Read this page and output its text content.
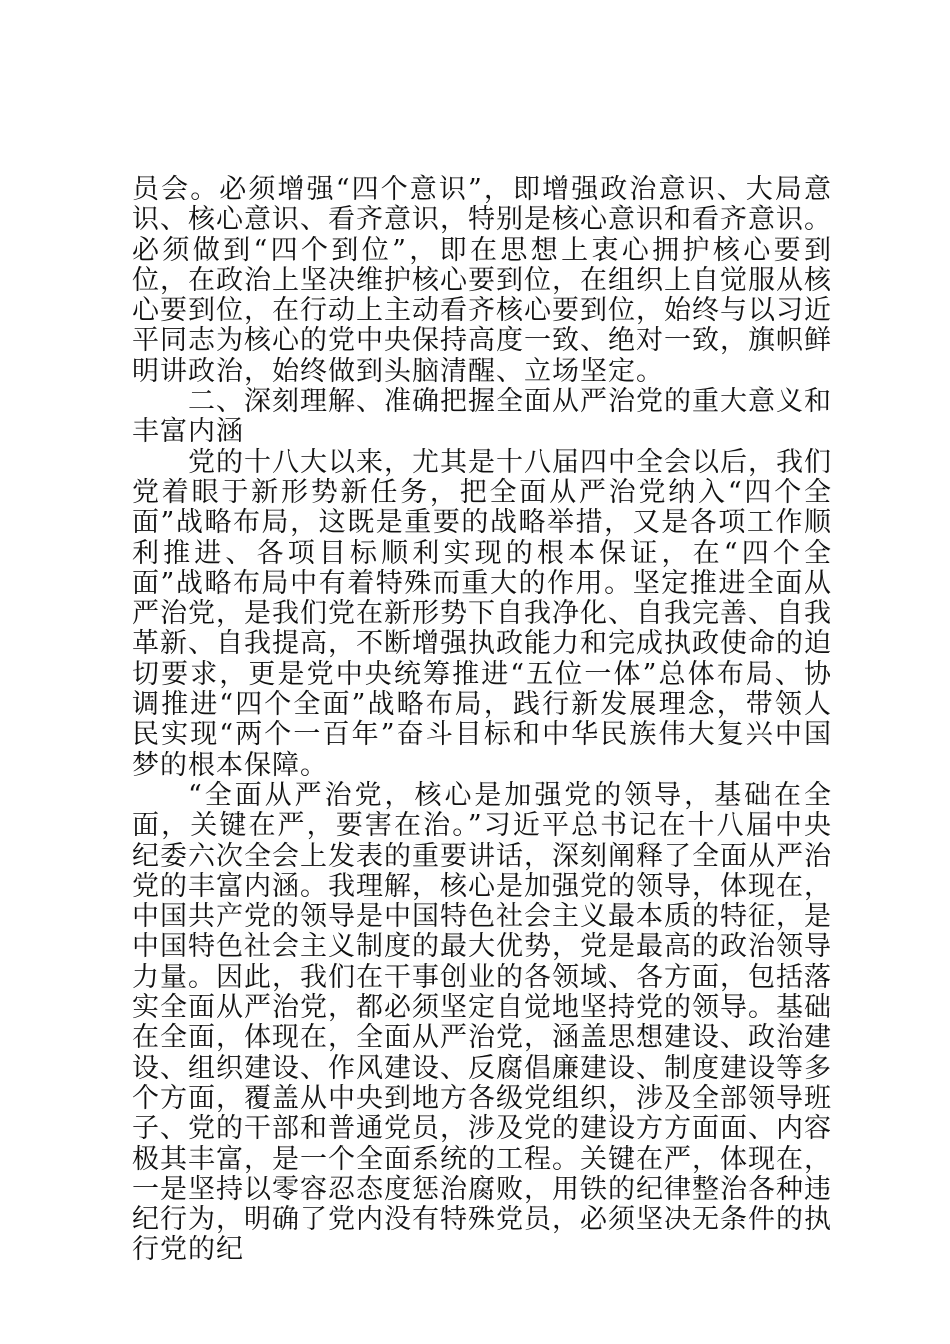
员会。必须增强“四个意识”，即增强政治意识、大局意识、核心意识、看齐意识，特别是核心意识和看齐意识。必须做到“四个到位”，即在思想上衷心拥护核心要到位，在政治上坚决维护核心要到位，在组织上自觉服从核心要到位，在行动上主动看齐核心要到位，始终与以习近平同志为核心的党中央保持高度一致、绝对一致，旗帜鲜明讲政治，始终做到头脑清醒、立场坚定。

二、深刻理解、准确把握全面从严治党的重大意义和丰富内涵

党的十八大以来，尤其是十八届四中全会以后，我们党着眼于新形势新任务，把全面从严治党纳入“四个全面”战略布局，这既是重要的战略举措，又是各项工作顺利推进、各项目标顺利实现的根本保证，在“四个全面”战略布局中有着特殊而重大的作用。坚定推进全面从严治党，是我们党在新形势下自我净化、自我完善、自我革新、自我提高，不断增强执政能力和完成执政使命的迫切要求，更是党中央统筹推进“五位一体”总体布局、协调推进“四个全面”战略布局，践行新发展理念，带领人民实现“两个一百年”奋斗目标和中华民族伟大复兴中国梦的根本保障。

“全面从严治党，核心是加强党的领导，基础在全面，关键在严，要害在治。”习近平总书记在十八届中央纪委六次全会上发表的重要讲话，深刻阐释了全面从严治党的丰富内涵。我理解，核心是加强党的领导，体现在，中国共产党的领导是中国特色社会主义最本质的特征，是中国特色社会主义制度的最大优势，党是最高的政治领导力量。因此，我们在干事创业的各领域、各方面，包括落实全面从严治党，都必须坚定自觉地坚持党的领导。基础在全面，体现在，全面从严治党，涵盖思想建设、政治建设、组织建设、作风建设、反腐倡廉建设、制度建设等多个方面，覆盖从中央到地方各级党组织，涉及全部领导班子、党的干部和普通党员，涉及党的建设方方面面、内容极其丰富，是一个全面系统的工程。关键在严，体现在，一是坚持以零容忍态度惩治腐败，用铁的纪律整治各种违纪行为，明确了党内没有特殊党员，必须坚决无条件的执行党的纪
